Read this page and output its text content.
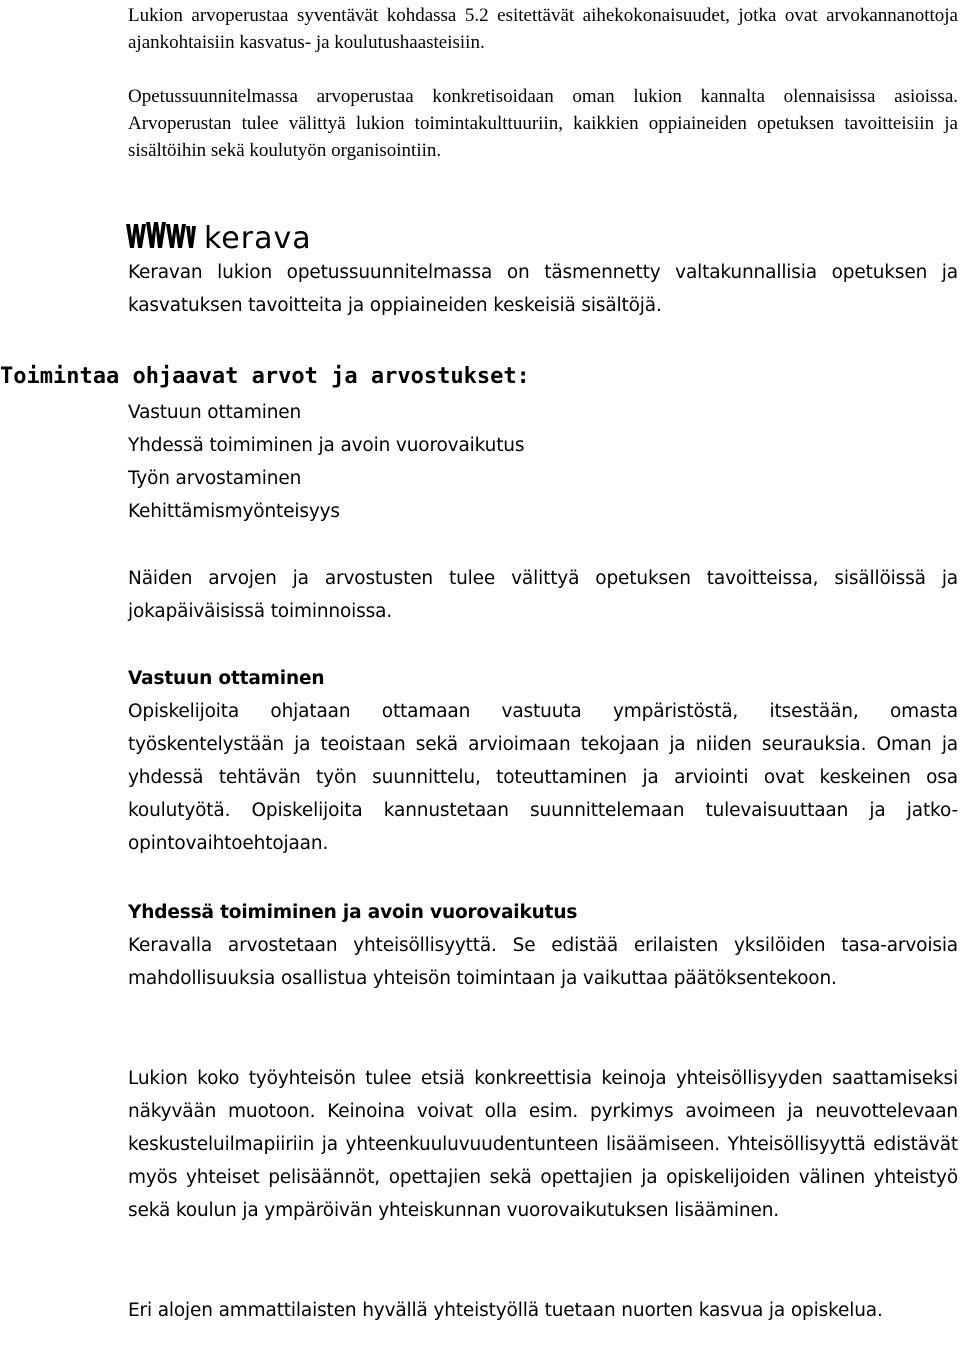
Lukion arvoperustaa syventävät kohdassa 5.2 esitettävät aihekokonaisuudet, jotka ovat arvokannanottoja ajankohtaisiin kasvatus- ja koulutushaasteisiin.

Opetussuunnitelmassa arvoperustaa konkretisoidaan oman lukion kannalta olennaisissa asioissa. Arvoperustan tulee välittyä lukion toimintakulttuuriin, kaikkien oppiaineiden opetuksen tavoitteisiin ja sisältöihin sekä koulutyön organisointiin.

kerava

Keravan lukion opetussuunnitelmassa on täsmennetty valtakunnallisia opetuksen ja kasvatuksen tavoitteita ja oppiaineiden keskeisiä sisältöjä.

Toimintaa ohjaavat arvot ja arvostukset:
Vastuun ottaminen
Yhdessä toimiminen ja avoin vuorovaikutus
Työn arvostaminen
Kehittämismyönteisyys

Näiden arvojen ja arvostusten tulee välittyä opetuksen tavoitteissa, sisällöissä ja jokapäiväisissä toiminnoissa.

Vastuun ottaminen

Opiskelijoita ohjataan ottamaan vastuuta ympäristöstä, itsestään, omasta työskentelystään ja teoistaan sekä arvioimaan tekojaan ja niiden seurauksia. Oman ja yhdessä tehtävän työn suunnittelu, toteuttaminen ja arviointi ovat keskeinen osa koulutyötä. Opiskelijoita kannustetaan suunnittelemaan tulevaisuuttaan ja jatko-opintovaihtoehtojaan.

Yhdessä toimiminen ja avoin vuorovaikutus

Keravalla arvostetaan yhteisöllisyyttä. Se edistää erilaisten yksilöiden tasa-arvoisia mahdollisuuksia osallistua yhteisön toimintaan ja vaikuttaa päätöksentekoon.

Lukion koko työyhteisön tulee etsiä konkreettisia keinoja yhteisöllisyyden saattamiseksi näkyvään muotoon. Keinoina voivat olla esim. pyrkimys avoimeen ja neuvottelevaan keskusteluilmapiiriin ja yhteenkuuluvuudentunteen lisäämiseen. Yhteisöllisyyttä edistävät myös yhteiset pelisäännöt, opettajien sekä opettajien ja opiskelijoiden välinen yhteistyö sekä koulun ja ympäröivän yhteiskunnan vuorovaikutuksen lisääminen.

Eri alojen ammattilaisten hyvällä yhteistyöllä tuetaan nuorten kasvua ja opiskelua.
